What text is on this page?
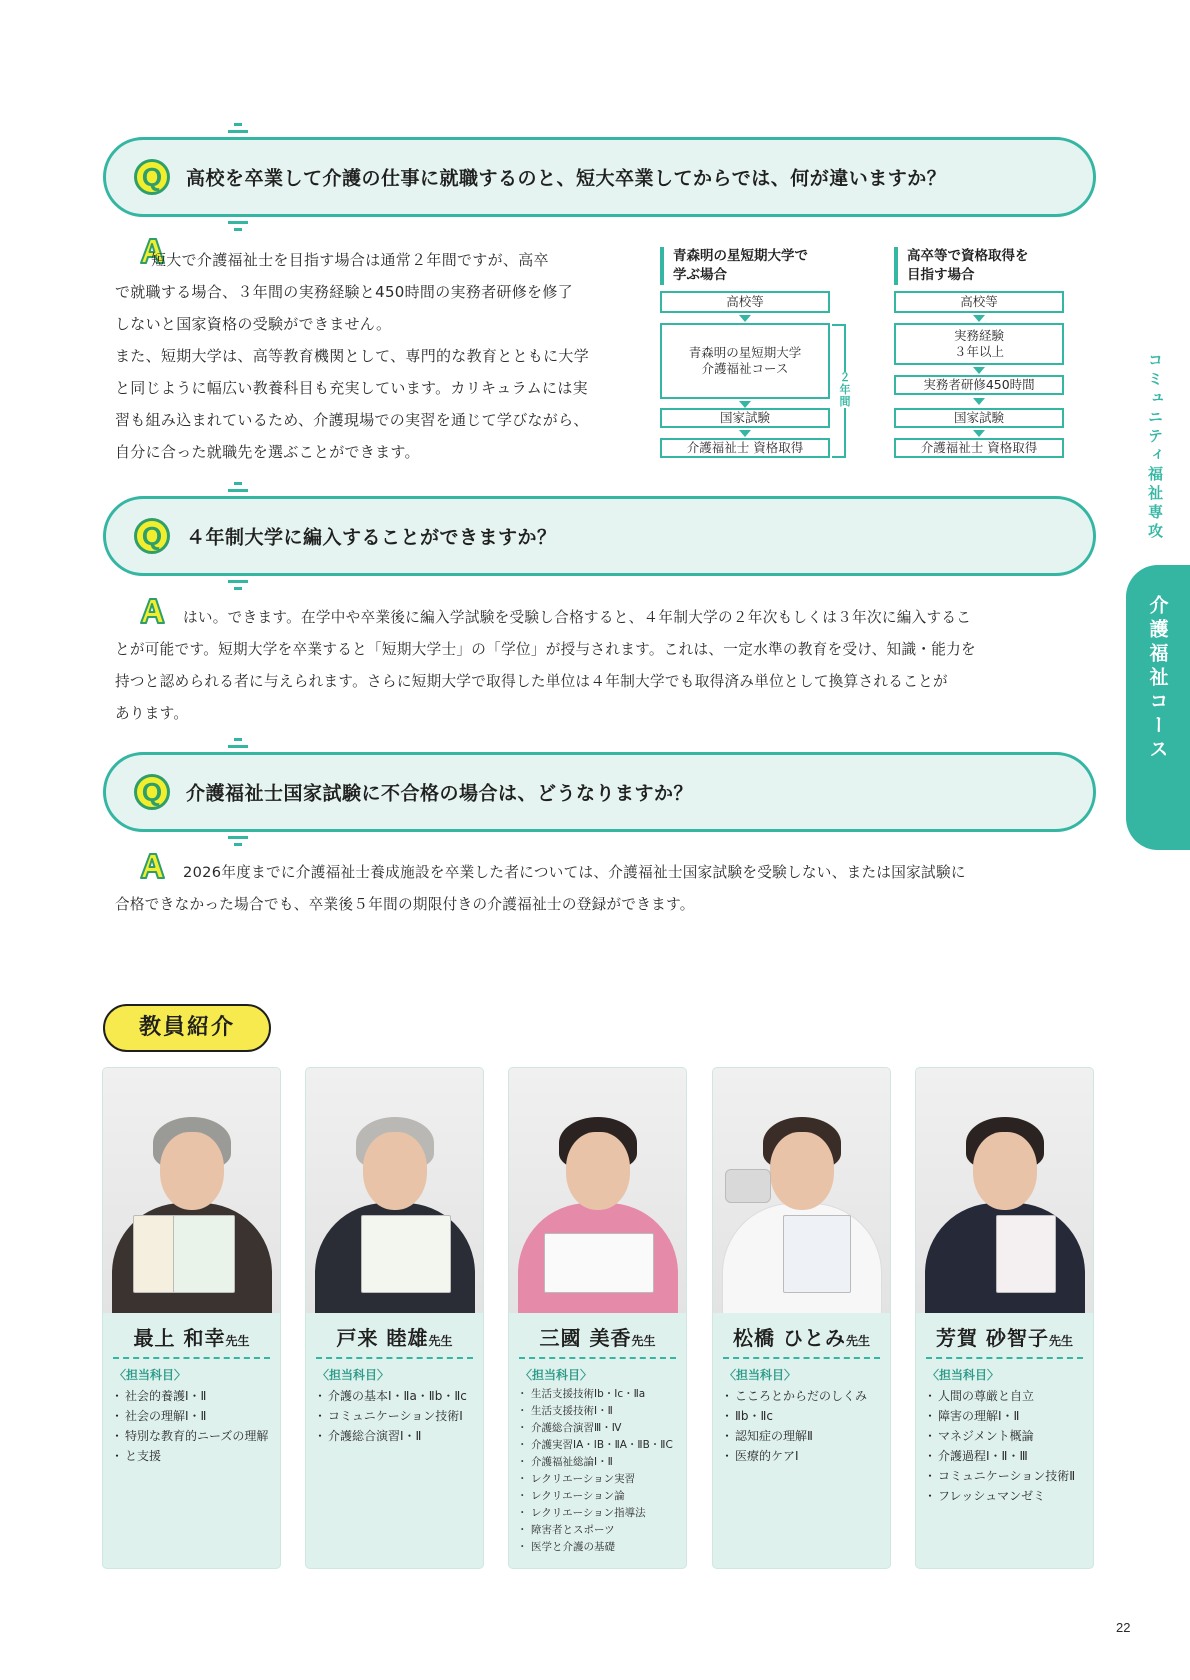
Q	高校を卒業して介護の仕事に就職するのと、短大卒業してからでは、何が違いますか？
短大で介護福祉士を目指す場合は通常２年間ですが、高卒
で就職する場合、３年間の実務経験と450時間の実務者研修を修了
しないと国家資格の受験ができません。
また、短期大学は、高等教育機関として、専門的な教育とともに大学
と同じように幅広い教養科目も充実しています。カリキュラムには実
習も組み込まれているため、介護現場での実習を通じて学びながら、
自分に合った就職先を選ぶことができます。
青森明の星短期大学で
学ぶ場合
高校等
青森明の星短期大学
介護福祉コース
国家試験
介護福祉士 資格取得
２年間
高卒等で資格取得を
目指す場合
高校等
実務経験
３年以上
実務者研修450時間
国家試験
介護福祉士 資格取得
Q	４年制大学に編入することができますか？
はい。できます。在学中や卒業後に編入学試験を受験し合格すると、４年制大学の２年次もしくは３年次に編入するこ
とが可能です。短期大学を卒業すると「短期大学士」の「学位」が授与されます。これは、一定水準の教育を受け、知識・能力を
持つと認められる者に与えられます。さらに短期大学で取得した単位は４年制大学でも取得済み単位として換算されることが
あります。
Q	介護福祉士国家試験に不合格の場合は、どうなりますか？
2026年度までに介護福祉士養成施設を卒業した者については、介護福祉士国家試験を受験しない、または国家試験に
合格できなかった場合でも、卒業後５年間の期限付きの介護福祉士の登録ができます。
コミュニティ福祉専攻
介護福祉コース
教員紹介
最上 和幸先生
〈担当科目〉
・ 社会的養護Ⅰ・Ⅱ
・ 社会の理解Ⅰ・Ⅱ
・ 特別な教育的ニーズの理解
・ と支援
戸来 睦雄先生
〈担当科目〉
・ 介護の基本Ⅰ・Ⅱa・Ⅱb・Ⅱc
・ コミュニケーション技術Ⅰ
・ 介護総合演習Ⅰ・Ⅱ
三國 美香先生
〈担当科目〉
・ 生活支援技術Ⅰb・Ⅰc・Ⅱa
・ 生活支援技術Ⅰ・Ⅱ
・ 介護総合演習Ⅲ・Ⅳ
・ 介護実習ⅠA・ⅠB・ⅡA・ⅡB・ⅡC
・ 介護福祉総論Ⅰ・Ⅱ
・ レクリエーション実習
・ レクリエーション論
・ レクリエーション指導法
・ 障害者とスポーツ
・ 医学と介護の基礎
松橋 ひとみ先生
〈担当科目〉
・ こころとからだのしくみ
・ Ⅱb・Ⅱc
・ 認知症の理解Ⅱ
・ 医療的ケアⅠ
芳賀 砂智子先生
〈担当科目〉
・ 人間の尊厳と自立
・ 障害の理解Ⅰ・Ⅱ
・ マネジメント概論
・ 介護過程Ⅰ・Ⅱ・Ⅲ
・ コミュニケーション技術Ⅱ
・ フレッシュマンゼミ
22
